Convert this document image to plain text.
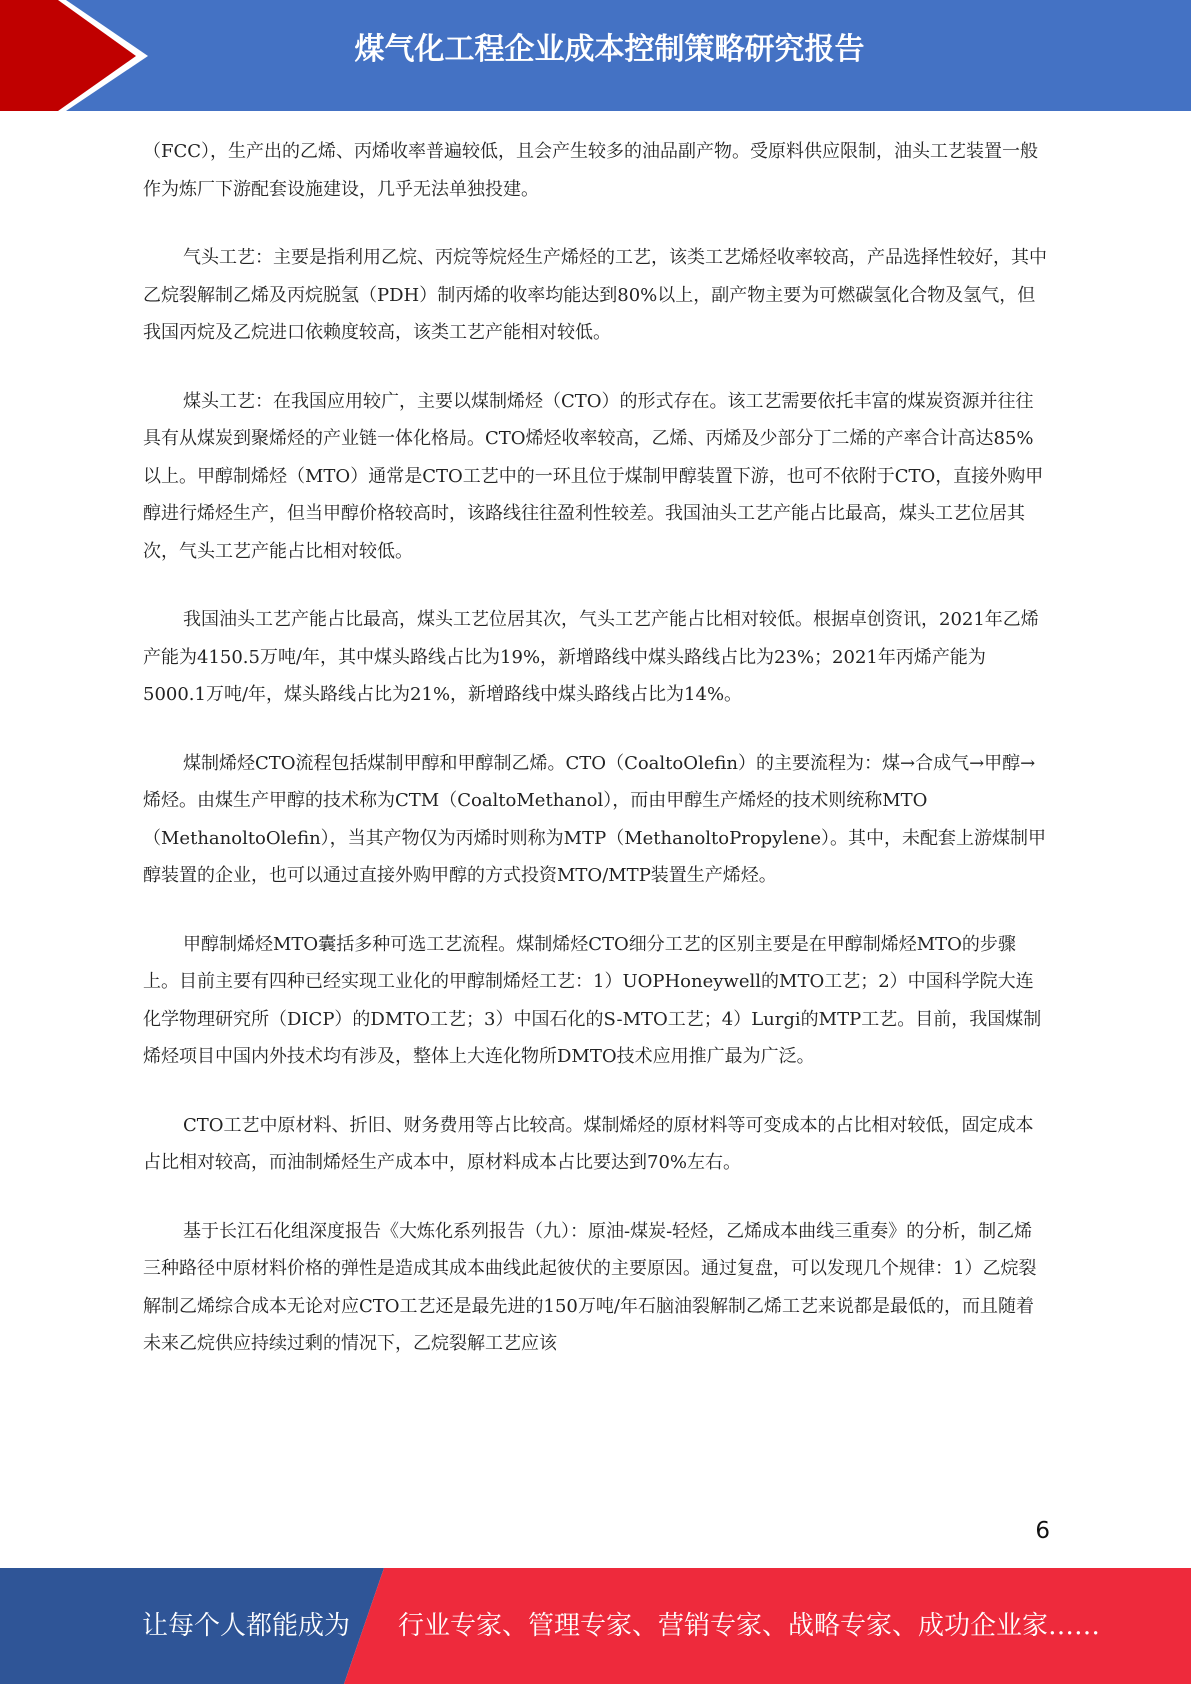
煤气化工程企业成本控制策略研究报告

（FCC），生产出的乙烯、丙烯收率普遍较低，且会产生较多的油品副产物。受原料供应限制，油头工艺装置一般作为炼厂下游配套设施建设，几乎无法单独投建。

气头工艺：主要是指利用乙烷、丙烷等烷烃生产烯烃的工艺，该类工艺烯烃收率较高，产品选择性较好，其中乙烷裂解制乙烯及丙烷脱氢（PDH）制丙烯的收率均能达到80%以上，副产物主要为可燃碳氢化合物及氢气，但我国丙烷及乙烷进口依赖度较高，该类工艺产能相对较低。

煤头工艺：在我国应用较广，主要以煤制烯烃（CTO）的形式存在。该工艺需要依托丰富的煤炭资源并往往具有从煤炭到聚烯烃的产业链一体化格局。CTO烯烃收率较高，乙烯、丙烯及少部分丁二烯的产率合计高达85%以上。甲醇制烯烃（MTO）通常是CTO工艺中的一环且位于煤制甲醇装置下游，也可不依附于CTO，直接外购甲醇进行烯烃生产，但当甲醇价格较高时，该路线往往盈利性较差。我国油头工艺产能占比最高，煤头工艺位居其次，气头工艺产能占比相对较低。

我国油头工艺产能占比最高，煤头工艺位居其次，气头工艺产能占比相对较低。根据卓创资讯，2021年乙烯产能为4150.5万吨/年，其中煤头路线占比为19%，新增路线中煤头路线占比为23%；2021年丙烯产能为5000.1万吨/年，煤头路线占比为21%，新增路线中煤头路线占比为14%。

煤制烯烃CTO流程包括煤制甲醇和甲醇制乙烯。CTO（CoaltoOlefin）的主要流程为：煤→合成气→甲醇→烯烃。由煤生产甲醇的技术称为CTM（CoaltoMethanol），而由甲醇生产烯烃的技术则统称MTO（MethanoltoOlefin），当其产物仅为丙烯时则称为MTP（MethanoltoPropylene）。其中，未配套上游煤制甲醇装置的企业，也可以通过直接外购甲醇的方式投资MTO/MTP装置生产烯烃。

甲醇制烯烃MTO囊括多种可选工艺流程。煤制烯烃CTO细分工艺的区别主要是在甲醇制烯烃MTO的步骤上。目前主要有四种已经实现工业化的甲醇制烯烃工艺：1）UOPHoneywell的MTO工艺；2）中国科学院大连化学物理研究所（DICP）的DMTO工艺；3）中国石化的S-MTO工艺；4）Lurgi的MTP工艺。目前，我国煤制烯烃项目中国内外技术均有涉及，整体上大连化物所DMTO技术应用推广最为广泛。

CTO工艺中原材料、折旧、财务费用等占比较高。煤制烯烃的原材料等可变成本的占比相对较低，固定成本占比相对较高，而油制烯烃生产成本中，原材料成本占比要达到70%左右。

基于长江石化组深度报告《大炼化系列报告（九）：原油-煤炭-轻烃，乙烯成本曲线三重奏》的分析，制乙烯三种路径中原材料价格的弹性是造成其成本曲线此起彼伏的主要原因。通过复盘，可以发现几个规律：1）乙烷裂解制乙烯综合成本无论对应CTO工艺还是最先进的150万吨/年石脑油裂解制乙烯工艺来说都是最低的，而且随着未来乙烷供应持续过剩的情况下，乙烷裂解工艺应该

6
让每个人都能成为 行业专家、管理专家、营销专家、战略专家、成功企业家……
